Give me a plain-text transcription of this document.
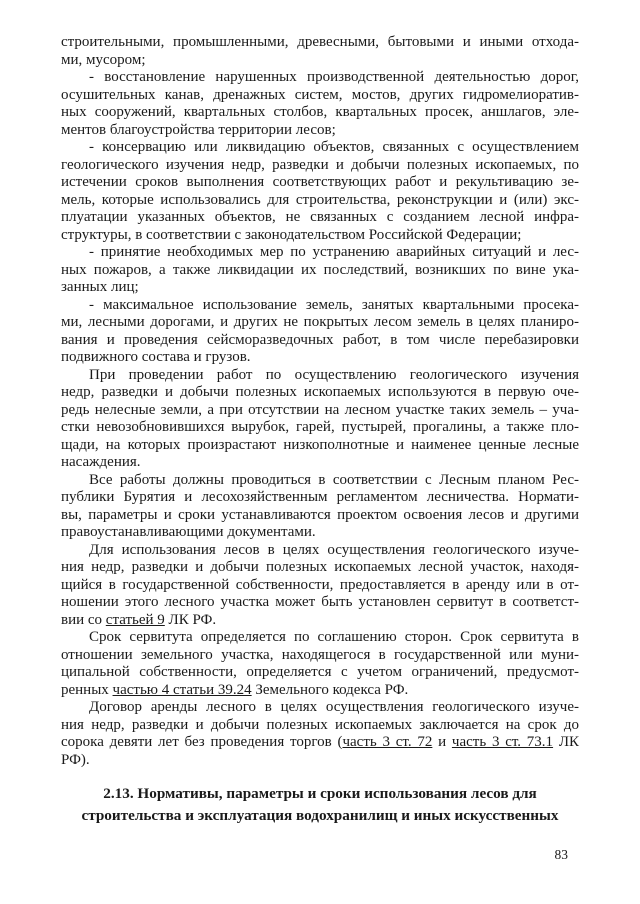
строительными, промышленными, древесными, бытовыми и иными отхода-
ми, мусором;
- восстановление нарушенных производственной деятельностью дорог,
осушительных канав, дренажных систем, мостов, других гидромелиоратив-
ных сооружений, квартальных столбов, квартальных просек, аншлагов, эле-
ментов благоустройства территории лесов;
- консервацию или ликвидацию объектов, связанных с осуществлением
геологического изучения недр, разведки и добычи полезных ископаемых, по
истечении сроков выполнения соответствующих работ и рекультивацию зе-
мель, которые использовались для строительства, реконструкции и (или) экс-
плуатации указанных объектов, не связанных с созданием лесной инфра-
структуры, в соответствии с законодательством Российской Федерации;
- принятие необходимых мер по устранению аварийных ситуаций и лес-
ных пожаров, а также ликвидации их последствий, возникших по вине ука-
занных лиц;
- максимальное использование земель, занятых квартальными просека-
ми, лесными дорогами, и других не покрытых лесом земель в целях планиро-
вания и проведения сейсморазведочных работ, в том числе перебазировки
подвижного состава и грузов.
При проведении работ по осуществлению геологического изучения
недр, разведки и добычи полезных ископаемых используются в первую оче-
редь нелесные земли, а при отсутствии на лесном участке таких земель – уча-
стки невозобновившихся вырубок, гарей, пустырей, прогалины, а также пло-
щади, на которых произрастают низкополнотные и наименее ценные лесные
насаждения.
Все работы должны проводиться в соответствии с Лесным планом Рес-
публики Бурятия и лесохозяйственным регламентом лесничества. Нормати-
вы, параметры и сроки устанавливаются проектом освоения лесов и другими
правоустанавливающими документами.
Для использования лесов в целях осуществления геологического изуче-
ния недр, разведки и добычи полезных ископаемых лесной участок, находя-
щийся в государственной собственности, предоставляется в аренду или в от-
ношении этого лесного участка может быть установлен сервитут в соответст-
вии со статьей 9 ЛК РФ.
Срок сервитута определяется по соглашению сторон. Срок сервитута в
отношении земельного участка, находящегося в государственной или муни-
ципальной собственности, определяется с учетом ограничений, предусмот-
ренных частью 4 статьи 39.24 Земельного кодекса РФ.
Договор аренды лесного в целях осуществления геологического изуче-
ния недр, разведки и добычи полезных ископаемых заключается на срок до
сорока девяти лет без проведения торгов (часть 3 ст. 72 и часть 3 ст. 73.1 ЛК
РФ).
2.13. Нормативы, параметры и сроки использования лесов для
строительства и эксплуатация водохранилищ и иных искусственных
83
